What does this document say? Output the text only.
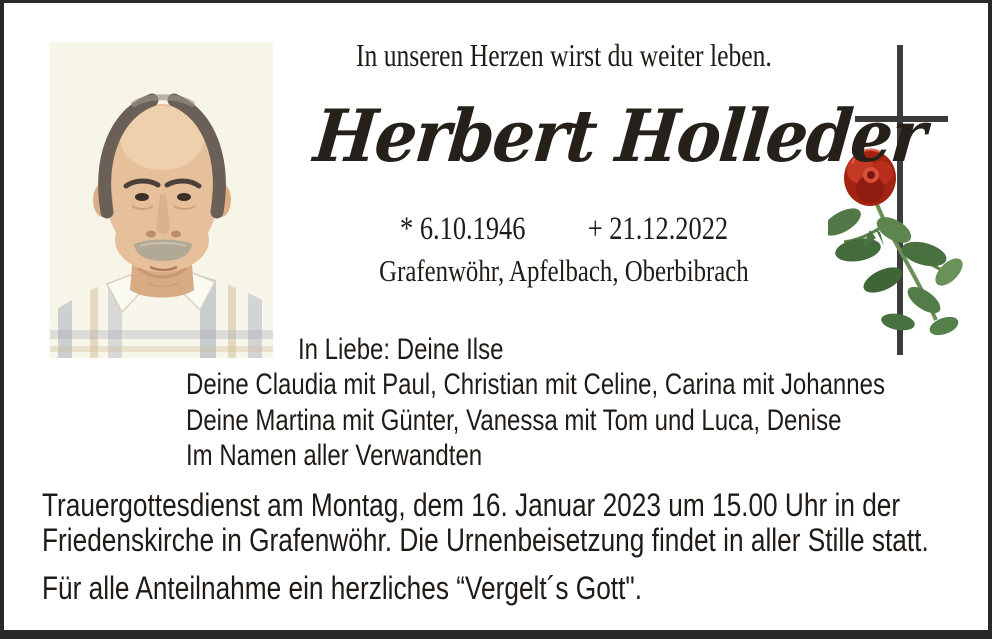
In unseren Herzen wirst du weiter leben.
Herbert Holleder
* 6.10.1946 + 21.12.2022
Grafenwöhr, Apfelbach, Oberbibrach
In Liebe: Deine Ilse
Deine Claudia mit Paul, Christian mit Celine, Carina mit Johannes
Deine Martina mit Günter, Vanessa mit Tom und Luca, Denise
Im Namen aller Verwandten
Trauergottesdienst am Montag, dem 16. Januar 2023 um 15.00 Uhr in der
Friedenskirche in Grafenwöhr. Die Urnenbeisetzung findet in aller Stille statt.
Für alle Anteilnahme ein herzliches “Vergelt´s Gott".
